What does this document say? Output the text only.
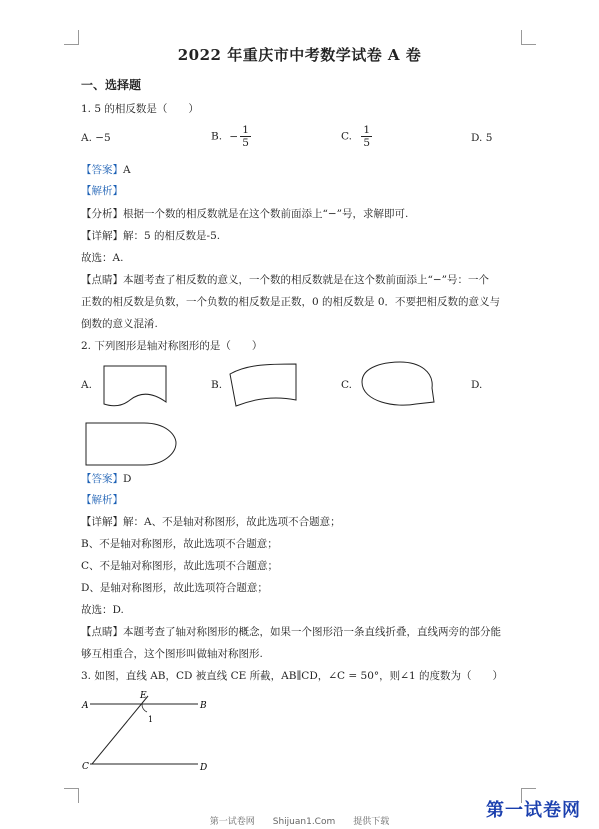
2022 年重庆市中考数学试卷 A 卷
一、选择题
1. 5 的相反数是（　　）
A. −5	B. − $\frac{1}{5}$	C. $\frac{1}{5}$	D. 5
【答案】A
【解析】
【分析】根据一个数的相反数就是在这个数前面添上“−”号，求解即可.
【详解】解：5 的相反数是-5.
故选：A.
【点睛】本题考查了相反数的意义，一个数的相反数就是在这个数前面添上“−”号：一个
正数的相反数是负数，一个负数的相反数是正数，0 的相反数是 0．不要把相反数的意义与
倒数的意义混淆.
2. 下列图形是轴对称图形的是（　　）
A.	B.	C.	D.
【答案】D
【解析】
【详解】解：A、不是轴对称图形，故此选项不合题意；
B、不是轴对称图形，故此选项不合题意；
C、不是轴对称图形，故此选项不合题意；
D、是轴对称图形，故此选项符合题意；
故选：D.
【点睛】本题考查了轴对称图形的概念，如果一个图形沿一条直线折叠，直线两旁的部分能
够互相重合，这个图形叫做轴对称图形.
3. 如图，直线 AB，CD 被直线 CE 所截，AB∥CD，∠C = 50°，则∠1 的度数为（　　）
A	B
C	D
E
1
第一试卷网　　Shijuan1.Com　　提供下载
第一试卷网
